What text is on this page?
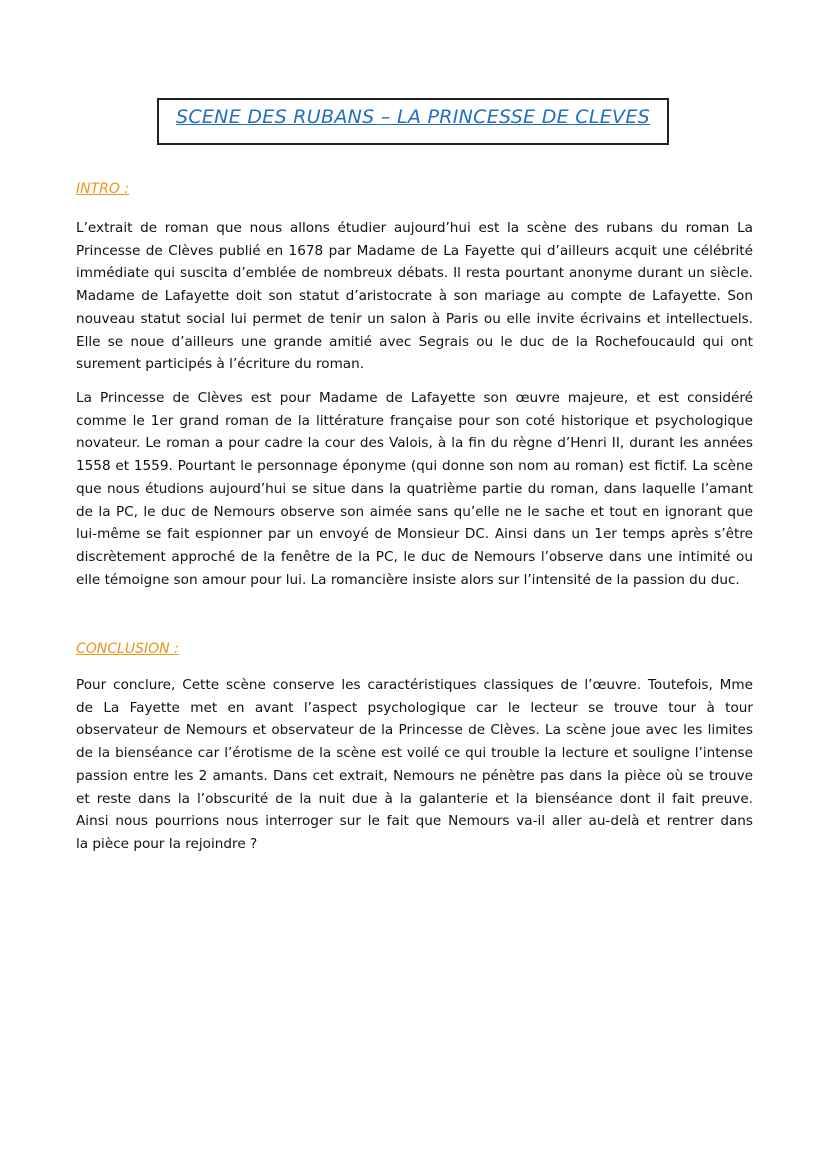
SCENE DES RUBANS – LA PRINCESSE DE CLEVES
INTRO :
L’extrait de roman que nous allons étudier aujourd’hui est la scène des rubans du roman La
Princesse de Clèves publié en 1678 par Madame de La Fayette qui d’ailleurs acquit une célébrité
immédiate qui suscita d’emblée de nombreux débats. Il resta pourtant anonyme durant un siècle.
Madame de Lafayette doit son statut d’aristocrate à son mariage au compte de Lafayette. Son
nouveau statut social lui permet de tenir un salon à Paris ou elle invite écrivains et intellectuels.
Elle se noue d’ailleurs une grande amitié avec Segrais ou le duc de la Rochefoucauld qui ont
surement participés à l’écriture du roman.
La Princesse de Clèves est pour Madame de Lafayette son œuvre majeure, et est considéré
comme le 1er grand roman de la littérature française pour son coté historique et psychologique
novateur. Le roman a pour cadre la cour des Valois, à la fin du règne d’Henri II, durant les années
1558 et 1559. Pourtant le personnage éponyme (qui donne son nom au roman) est fictif. La scène
que nous étudions aujourd’hui se situe dans la quatrième partie du roman, dans laquelle l’amant
de la PC, le duc de Nemours observe son aimée sans qu’elle ne le sache et tout en ignorant que
lui-même se fait espionner par un envoyé de Monsieur DC. Ainsi dans un 1er temps après s’être
discrètement approché de la fenêtre de la PC, le duc de Nemours l’observe dans une intimité ou
elle témoigne son amour pour lui. La romancière insiste alors sur l’intensité de la passion du duc.
CONCLUSION :
Pour conclure, Cette scène conserve les caractéristiques classiques de l’œuvre. Toutefois, Mme
de La Fayette met en avant l’aspect psychologique car le lecteur se trouve tour à tour
observateur de Nemours et observateur de la Princesse de Clèves. La scène joue avec les limites
de la bienséance car l’érotisme de la scène est voilé ce qui trouble la lecture et souligne l’intense
passion entre les 2 amants. Dans cet extrait, Nemours ne pénètre pas dans la pièce où se trouve
et reste dans la l’obscurité de la nuit due à la galanterie et la bienséance dont il fait preuve.
Ainsi nous pourrions nous interroger sur le fait que Nemours va-il aller au-delà et rentrer dans
la pièce pour la rejoindre ?
